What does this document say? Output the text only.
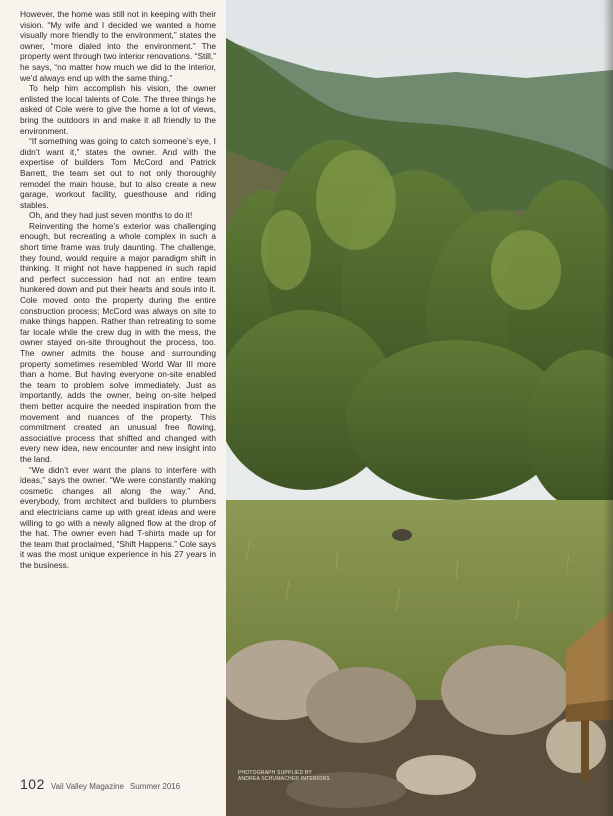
However, the home was still not in keeping with their vision. “My wife and I decided we wanted a home visually more friendly to the environment,” states the owner, “more dialed into the environment.” The property went through two interior renovations. “Still,” he says, “no matter how much we did to the interior, we’d always end up with the same thing.”

To help him accomplish his vision, the owner enlisted the local talents of Cole. The three things he asked of Cole were to give the home a lot of views, bring the outdoors in and make it all friendly to the environment.

“If something was going to catch someone’s eye, I didn’t want it,” states the owner. And with the expertise of builders Tom McCord and Patrick Barrett, the team set out to not only thoroughly remodel the main house, but to also create a new garage, workout facility, guesthouse and riding stables.

Oh, and they had just seven months to do it!

Reinventing the home’s exterior was challenging enough, but recreating a whole complex in such a short time frame was truly daunting. The challenge, they found, would require a major paradigm shift in thinking. It might not have happened in such rapid and perfect succession had not an entire team hunkered down and put their hearts and souls into it. Cole moved onto the property during the entire construction process; McCord was always on site to make things happen. Rather than retreating to some far locale while the crew dug in with the mess, the owner stayed on-site throughout the process, too. The owner admits the house and surrounding property sometimes resembled World War III more than a home. But having everyone on-site enabled the team to problem solve immediately. Just as importantly, adds the owner, being on-site helped them better acquire the needed inspiration from the movement and nuances of the property. This commitment created an unusual free flowing, associative process that shifted and changed with every new idea, new encounter and new insight into the land.

“We didn’t ever want the plans to interfere with ideas,” says the owner. “We were constantly making cosmetic changes all along the way.” And, everybody, from architect and builders to plumbers and electricians came up with great ideas and were willing to go with a newly aligned flow at the drop of the hat. The owner even had T-shirts made up for the team that proclaimed, “Shift Happens.” Cole says it was the most unique experience in his 27 years in the business.

102 Vail Valley Magazine Summer 2016
PHOTOGRAPH SUPPLIED BY
ANDREA SCHUMACHER INTERIORS
